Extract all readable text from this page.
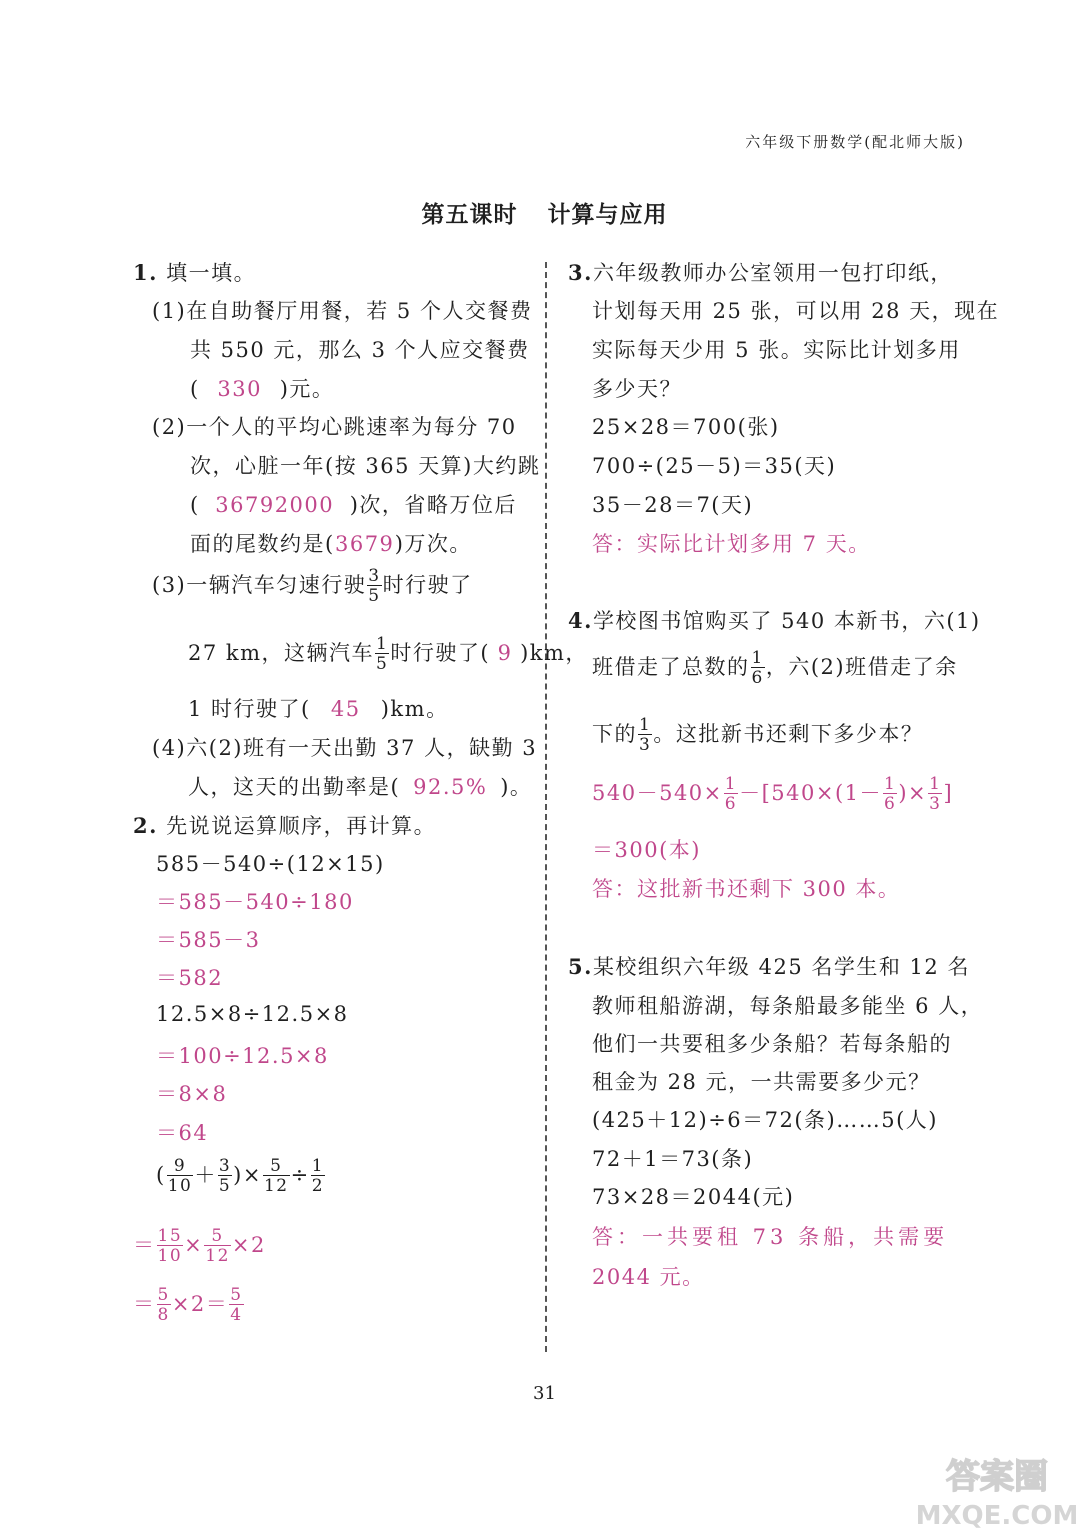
六年级下册数学(配北师大版)
第五课时 计算与应用
1. 填一填。
(1)在自助餐厅用餐，若 5 个人交餐费
共 550 元，那么 3 个人应交餐费
( 330 )元。
(2)一个人的平均心跳速率为每分 70
次，心脏一年(按 365 天算)大约跳
( 36792000 )次，省略万位后
面的尾数约是(3679)万次。
(3)一辆汽车匀速行驶 $\frac{3}{5}$ 时行驶了
27 km，这辆汽车 $\frac{1}{5}$ 时行驶了( 9 )km，
1 时行驶了( 45 )km。
(4)六(2)班有一天出勤 37 人，缺勤 3
人，这天的出勤率是( 92.5% )。
2. 先说说运算顺序，再计算。
585－540÷(12×15)
＝585－540÷180
＝585－3
＝582
12.5×8÷12.5×8
＝100÷12.5×8
＝8×8
＝64
( $\frac{9}{10} + \frac{3}{5}$ )× $\frac{5}{12} \div \frac{1}{2}$
＝ $\frac{15}{10} \times \frac{5}{12} \times 2$
＝ $\frac{5}{8} \times 2= \frac{5}{4}$
3.六年级教师办公室领用一包打印纸，
计划每天用 25 张，可以用 28 天，现在
实际每天少用 5 张。实际比计划多用
多少天？
25×28＝700(张)
700÷(25－5)＝35(天)
35－28＝7(天)
答：实际比计划多用 7 天。
4.学校图书馆购买了 540 本新书，六(1)
班借走了总数的 $\frac{1}{6}$ ，六(2)班借走了余
下的 $\frac{1}{3}$ 。这批新书还剩下多少本？
$540-540\times \frac{1}{6} -[540\times(1- \frac{1}{6}$ )× $\frac{1}{3}$ ]
＝300(本)
答：这批新书还剩下 300 本。
5.某校组织六年级 425 名学生和 12 名
教师租船游湖，每条船最多能坐 6 人，
他们一共要租多少条船？若每条船的
租金为 28 元，一共需要多少元？
(425＋12)÷6＝72(条)……5(人)
72＋1＝73(条)
73×28＝2044(元)
答：一共要租 73 条船，共需要
2044 元。
31
答案圈
MXQE.COM
